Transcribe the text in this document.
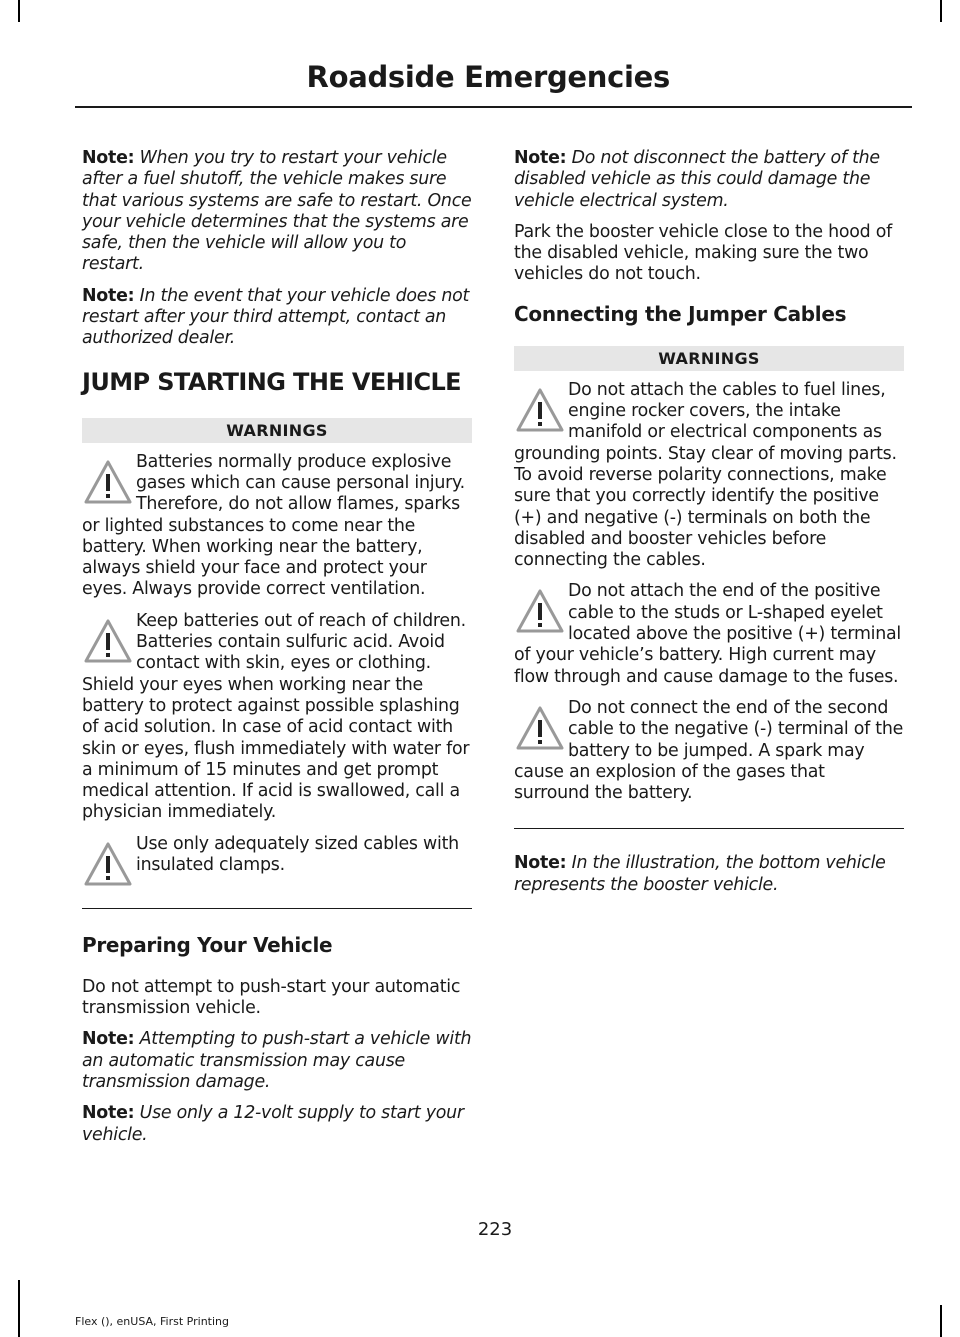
Roadside Emergencies

Note: When you try to restart your vehicle after a fuel shutoff, the vehicle makes sure that various systems are safe to restart. Once your vehicle determines that the systems are safe, then the vehicle will allow you to restart.

Note: In the event that your vehicle does not restart after your third attempt, contact an authorized dealer.

JUMP STARTING THE VEHICLE
WARNINGS
Batteries normally produce explosive gases which can cause personal injury. Therefore, do not allow flames, sparks or lighted substances to come near the battery. When working near the battery, always shield your face and protect your eyes. Always provide correct ventilation.
Keep batteries out of reach of children. Batteries contain sulfuric acid. Avoid contact with skin, eyes or clothing. Shield your eyes when working near the battery to protect against possible splashing of acid solution. In case of acid contact with skin or eyes, flush immediately with water for a minimum of 15 minutes and get prompt medical attention. If acid is swallowed, call a physician immediately.
Use only adequately sized cables with insulated clamps.
Preparing Your Vehicle

Do not attempt to push-start your automatic transmission vehicle.

Note: Attempting to push-start a vehicle with an automatic transmission may cause transmission damage.

Note: Use only a 12-volt supply to start your vehicle.

Note: Do not disconnect the battery of the disabled vehicle as this could damage the vehicle electrical system.

Park the booster vehicle close to the hood of the disabled vehicle, making sure the two vehicles do not touch.

Connecting the Jumper Cables
WARNINGS
Do not attach the cables to fuel lines, engine rocker covers, the intake manifold or electrical components as grounding points. Stay clear of moving parts. To avoid reverse polarity connections, make sure that you correctly identify the positive (+) and negative (-) terminals on both the disabled and booster vehicles before connecting the cables.
Do not attach the end of the positive cable to the studs or L-shaped eyelet located above the positive (+) terminal of your vehicle’s battery. High current may flow through and cause damage to the fuses.
Do not connect the end of the second cable to the negative (-) terminal of the battery to be jumped. A spark may cause an explosion of the gases that surround the battery.

Note: In the illustration, the bottom vehicle represents the booster vehicle.

223
Flex (), enUSA, First Printing
